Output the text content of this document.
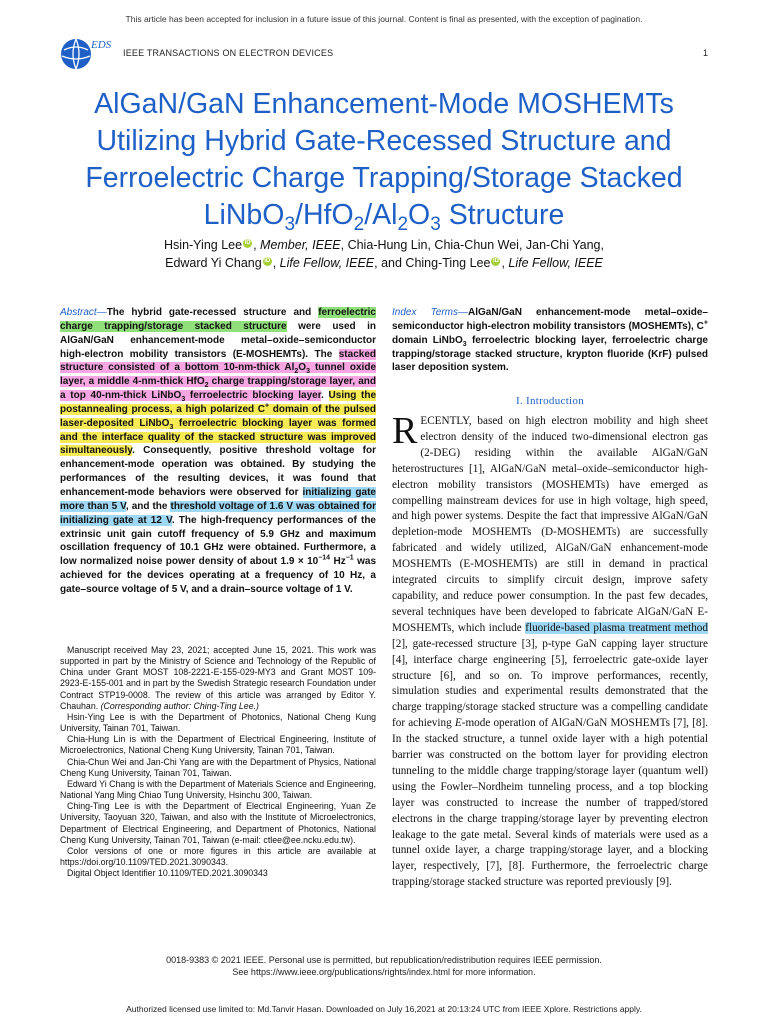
This article has been accepted for inclusion in a future issue of this journal. Content is final as presented, with the exception of pagination.
EDS
IEEE TRANSACTIONS ON ELECTRON DEVICES	1
AlGaN/GaN Enhancement-Mode MOSHEMTs
Utilizing Hybrid Gate-Recessed Structure and
Ferroelectric Charge Trapping/Storage Stacked
$LiNbO_3/HfO_2/Al_2O_3$ Structure
Hsin-Ying Lee iD , Member, IEEE, Chia-Hung Lin, Chia-Chun Wei, Jan-Chi Yang,
Edward Yi Chang iD , Life Fellow, IEEE, and Ching-Ting Lee iD , Life Fellow, IEEE
Abstract—The hybrid gate-recessed structure and ferroelectric charge trapping/storage stacked structure were used in AlGaN/GaN enhancement-mode metal–oxide–semiconductor high-electron mobility transistors (E-MOSHEMTs). The stacked structure consisted of a bottom 10-nm-thick $Al_2O_3$ tunnel oxide layer, a middle 4-nm-thick HfO$_2$ charge trapping/storage layer, and a top 40-nm-thick LiNbO$_3$ ferroelectric blocking layer. Using the postannealing process, a high polarized C+ domain of the pulsed laser-deposited LiNbO$_3$ ferroelectric blocking layer was formed and the interface quality of the stacked structure was improved simultaneously. Consequently, positive threshold voltage for enhancement-mode operation was obtained. By studying the performances of the resulting devices, it was found that enhancement-mode behaviors were observed for initializing gate more than 5 V, and the threshold voltage of 1.6 V was obtained for initializing gate at 12 V. The high-frequency performances of the extrinsic unit gain cutoff frequency of 5.9 GHz and maximum oscillation frequency of 10.1 GHz were obtained. Furthermore, a low normalized noise power density of about $1.9 \times 10^{-14}$ $Hz^{-1}$ was achieved for the devices operating at a frequency of 10 Hz, a gate–source voltage of 5 V, and a drain–source voltage of 1 V.
Index Terms—AlGaN/GaN enhancement-mode metal–oxide–semiconductor high-electron mobility transistors (MOSHEMTs), C+ domain LiNbO$_3$ ferroelectric blocking layer, ferroelectric charge trapping/storage stacked structure, krypton fluoride (KrF) pulsed laser deposition system.
I. Introduction
RECENTLY, based on high electron mobility and high sheet electron density of the induced two-dimensional electron gas (2-DEG) residing within the available AlGaN/GaN heterostructures [1], AlGaN/GaN metal–oxide–semiconductor high-electron mobility transistors (MOSHEMTs) have emerged as compelling mainstream devices for use in high voltage, high speed, and high power systems. Despite the fact that impressive AlGaN/GaN depletion-mode MOSHEMTs (D-MOSHEMTs) are successfully fabricated and widely utilized, AlGaN/GaN enhancement-mode MOSHEMTs (E-MOSHEMTs) are still in demand in practical integrated circuits to simplify circuit design, improve safety capability, and reduce power consumption. In the past few decades, several techniques have been developed to fabricate AlGaN/GaN E-MOSHEMTs, which include fluoride-based plasma treatment method [2], gate-recessed structure [3], p-type GaN capping layer structure [4], interface charge engineering [5], ferroelectric gate-oxide layer structure [6], and so on. To improve performances, recently, simulation studies and experimental results demonstrated that the charge trapping/storage stacked structure was a compelling candidate for achieving E-mode operation of AlGaN/GaN MOSHEMTs [7], [8]. In the stacked structure, a tunnel oxide layer with a high potential barrier was constructed on the bottom layer for providing electron tunneling to the middle charge trapping/storage layer (quantum well) using the Fowler–Nordheim tunneling process, and a top blocking layer was constructed to increase the number of trapped/stored electrons in the charge trapping/storage layer by preventing electron leakage to the gate metal. Several kinds of materials were used as a tunnel oxide layer, a charge trapping/storage layer, and a blocking layer, respectively, [7], [8]. Furthermore, the ferroelectric charge trapping/storage stacked structure was reported previously [9].

Manuscript received May 23, 2021; accepted June 15, 2021. This work was supported in part by the Ministry of Science and Technology of the Republic of China under Grant MOST 108-2221-E-155-029-MY3 and Grant MOST 109-2923-E-155-001 and in part by the Swedish Strategic research Foundation under Contract STP19-0008. The review of this article was arranged by Editor Y. Chauhan. (Corresponding author: Ching-Ting Lee.)

Hsin-Ying Lee is with the Department of Photonics, National Cheng Kung University, Tainan 701, Taiwan.

Chia-Hung Lin is with the Department of Electrical Engineering, Institute of Microelectronics, National Cheng Kung University, Tainan 701, Taiwan.

Chia-Chun Wei and Jan-Chi Yang are with the Department of Physics, National Cheng Kung University, Tainan 701, Taiwan.

Edward Yi Chang is with the Department of Materials Science and Engineering, National Yang Ming Chiao Tung University, Hsinchu 300, Taiwan.

Ching-Ting Lee is with the Department of Electrical Engineering, Yuan Ze University, Taoyuan 320, Taiwan, and also with the Institute of Microelectronics, Department of Electrical Engineering, and Department of Photonics, National Cheng Kung University, Tainan 701, Taiwan (e-mail: ctlee@ee.ncku.edu.tw).

Color versions of one or more figures in this article are available at https://doi.org/10.1109/TED.2021.3090343.

Digital Object Identifier 10.1109/TED.2021.3090343

0018-9383 © 2021 IEEE. Personal use is permitted, but republication/redistribution requires IEEE permission.
See https://www.ieee.org/publications/rights/index.html for more information.
Authorized licensed use limited to: Md.Tanvir Hasan. Downloaded on July 16,2021 at 20:13:24 UTC from IEEE Xplore. Restrictions apply.
